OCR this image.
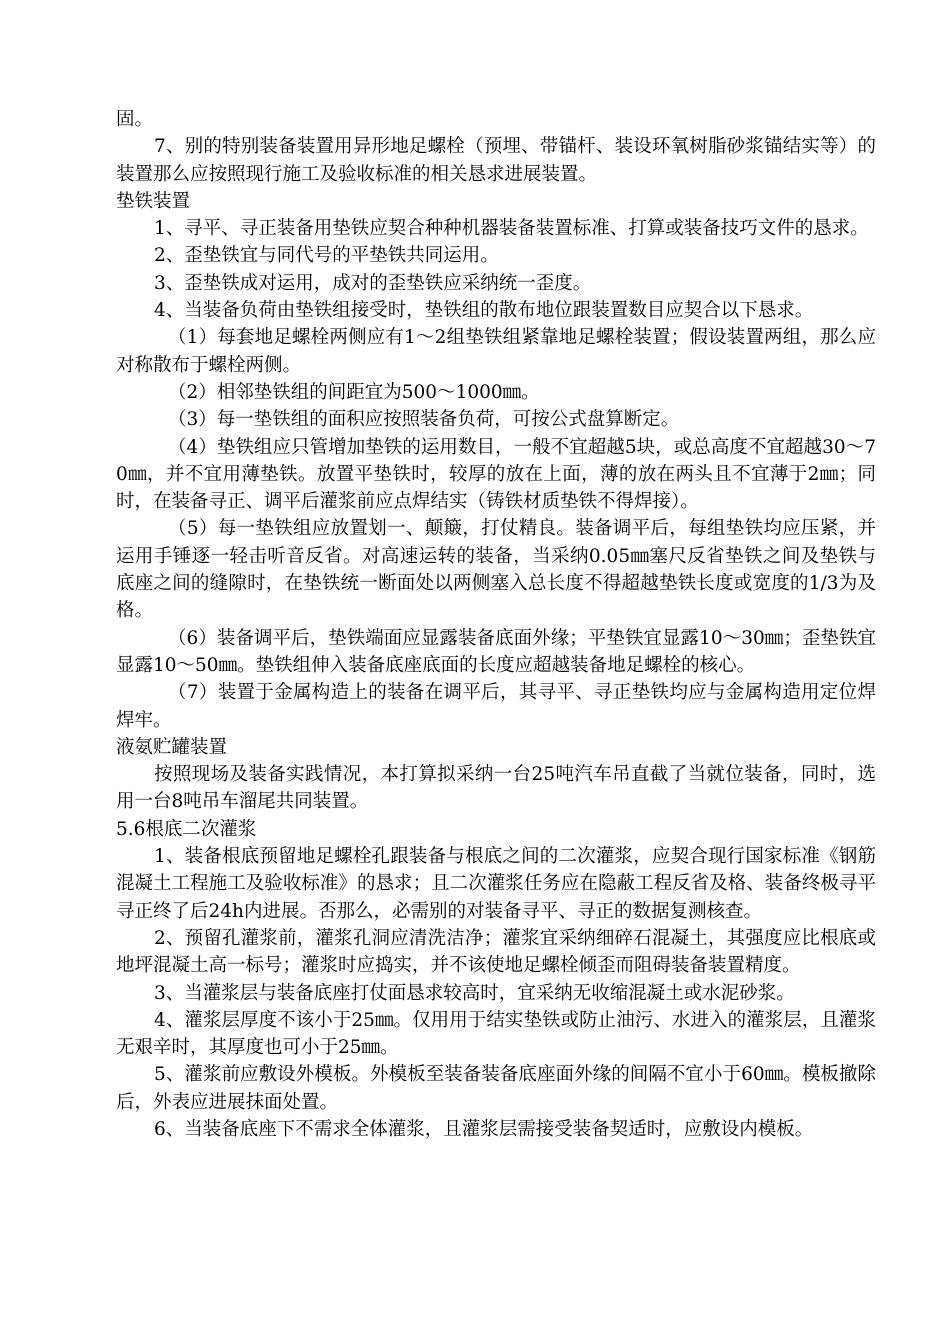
固。

7、别的特别装备装置用异形地足螺栓（预埋、带锚杆、装设环氧树脂砂浆锚结实等）的装置那么应按照现行施工及验收标准的相关恳求进展装置。

垫铁装置

1、寻平、寻正装备用垫铁应契合种种机器装备装置标准、打算或装备技巧文件的恳求。

2、歪垫铁宜与同代号的平垫铁共同运用。

3、歪垫铁成对运用，成对的歪垫铁应采纳统一歪度。

4、当装备负荷由垫铁组接受时，垫铁组的散布地位跟装置数目应契合以下恳求。

（1）每套地足螺栓两侧应有1～2组垫铁组紧靠地足螺栓装置；假设装置两组，那么应对称散布于螺栓两侧。

（2）相邻垫铁组的间距宜为500～1000㎜。

（3）每一垫铁组的面积应按照装备负荷，可按公式盘算断定。

（4）垫铁组应只管增加垫铁的运用数目，一般不宜超越5块，或总高度不宜超越30～70㎜，并不宜用薄垫铁。放置平垫铁时，较厚的放在上面，薄的放在两头且不宜薄于2㎜；同时，在装备寻正、调平后灌浆前应点焊结实（铸铁材质垫铁不得焊接）。

（5）每一垫铁组应放置划一、颠簸，打仗精良。装备调平后，每组垫铁均应压紧，并运用手锤逐一轻击听音反省。对高速运转的装备，当采纳0.05㎜塞尺反省垫铁之间及垫铁与底座之间的缝隙时，在垫铁统一断面处以两侧塞入总长度不得超越垫铁长度或宽度的1/3为及格。

（6）装备调平后，垫铁端面应显露装备底面外缘；平垫铁宜显露10～30㎜；歪垫铁宜显露10～50㎜。垫铁组伸入装备底座底面的长度应超越装备地足螺栓的核心。

（7）装置于金属构造上的装备在调平后，其寻平、寻正垫铁均应与金属构造用定位焊焊牢。

液氨贮罐装置

按照现场及装备实践情况，本打算拟采纳一台25吨汽车吊直截了当就位装备，同时，选用一台8吨吊车溜尾共同装置。

5.6根底二次灌浆

1、装备根底预留地足螺栓孔跟装备与根底之间的二次灌浆，应契合现行国家标准《钢筋混凝土工程施工及验收标准》的恳求；且二次灌浆任务应在隐蔽工程反省及格、装备终极寻平寻正终了后24h内进展。否那么，必需别的对装备寻平、寻正的数据复测核查。

2、预留孔灌浆前，灌浆孔洞应清洗洁净；灌浆宜采纳细碎石混凝土，其强度应比根底或地坪混凝土高一标号；灌浆时应捣实，并不该使地足螺栓倾歪而阻碍装备装置精度。

3、当灌浆层与装备底座打仗面恳求较高时，宜采纳无收缩混凝土或水泥砂浆。

4、灌浆层厚度不该小于25㎜。仅用用于结实垫铁或防止油污、水进入的灌浆层，且灌浆无艰辛时，其厚度也可小于25㎜。

5、灌浆前应敷设外模板。外模板至装备装备底座面外缘的间隔不宜小于60㎜。模板撤除后，外表应进展抹面处置。

6、当装备底座下不需求全体灌浆，且灌浆层需接受装备契适时，应敷设内模板。
